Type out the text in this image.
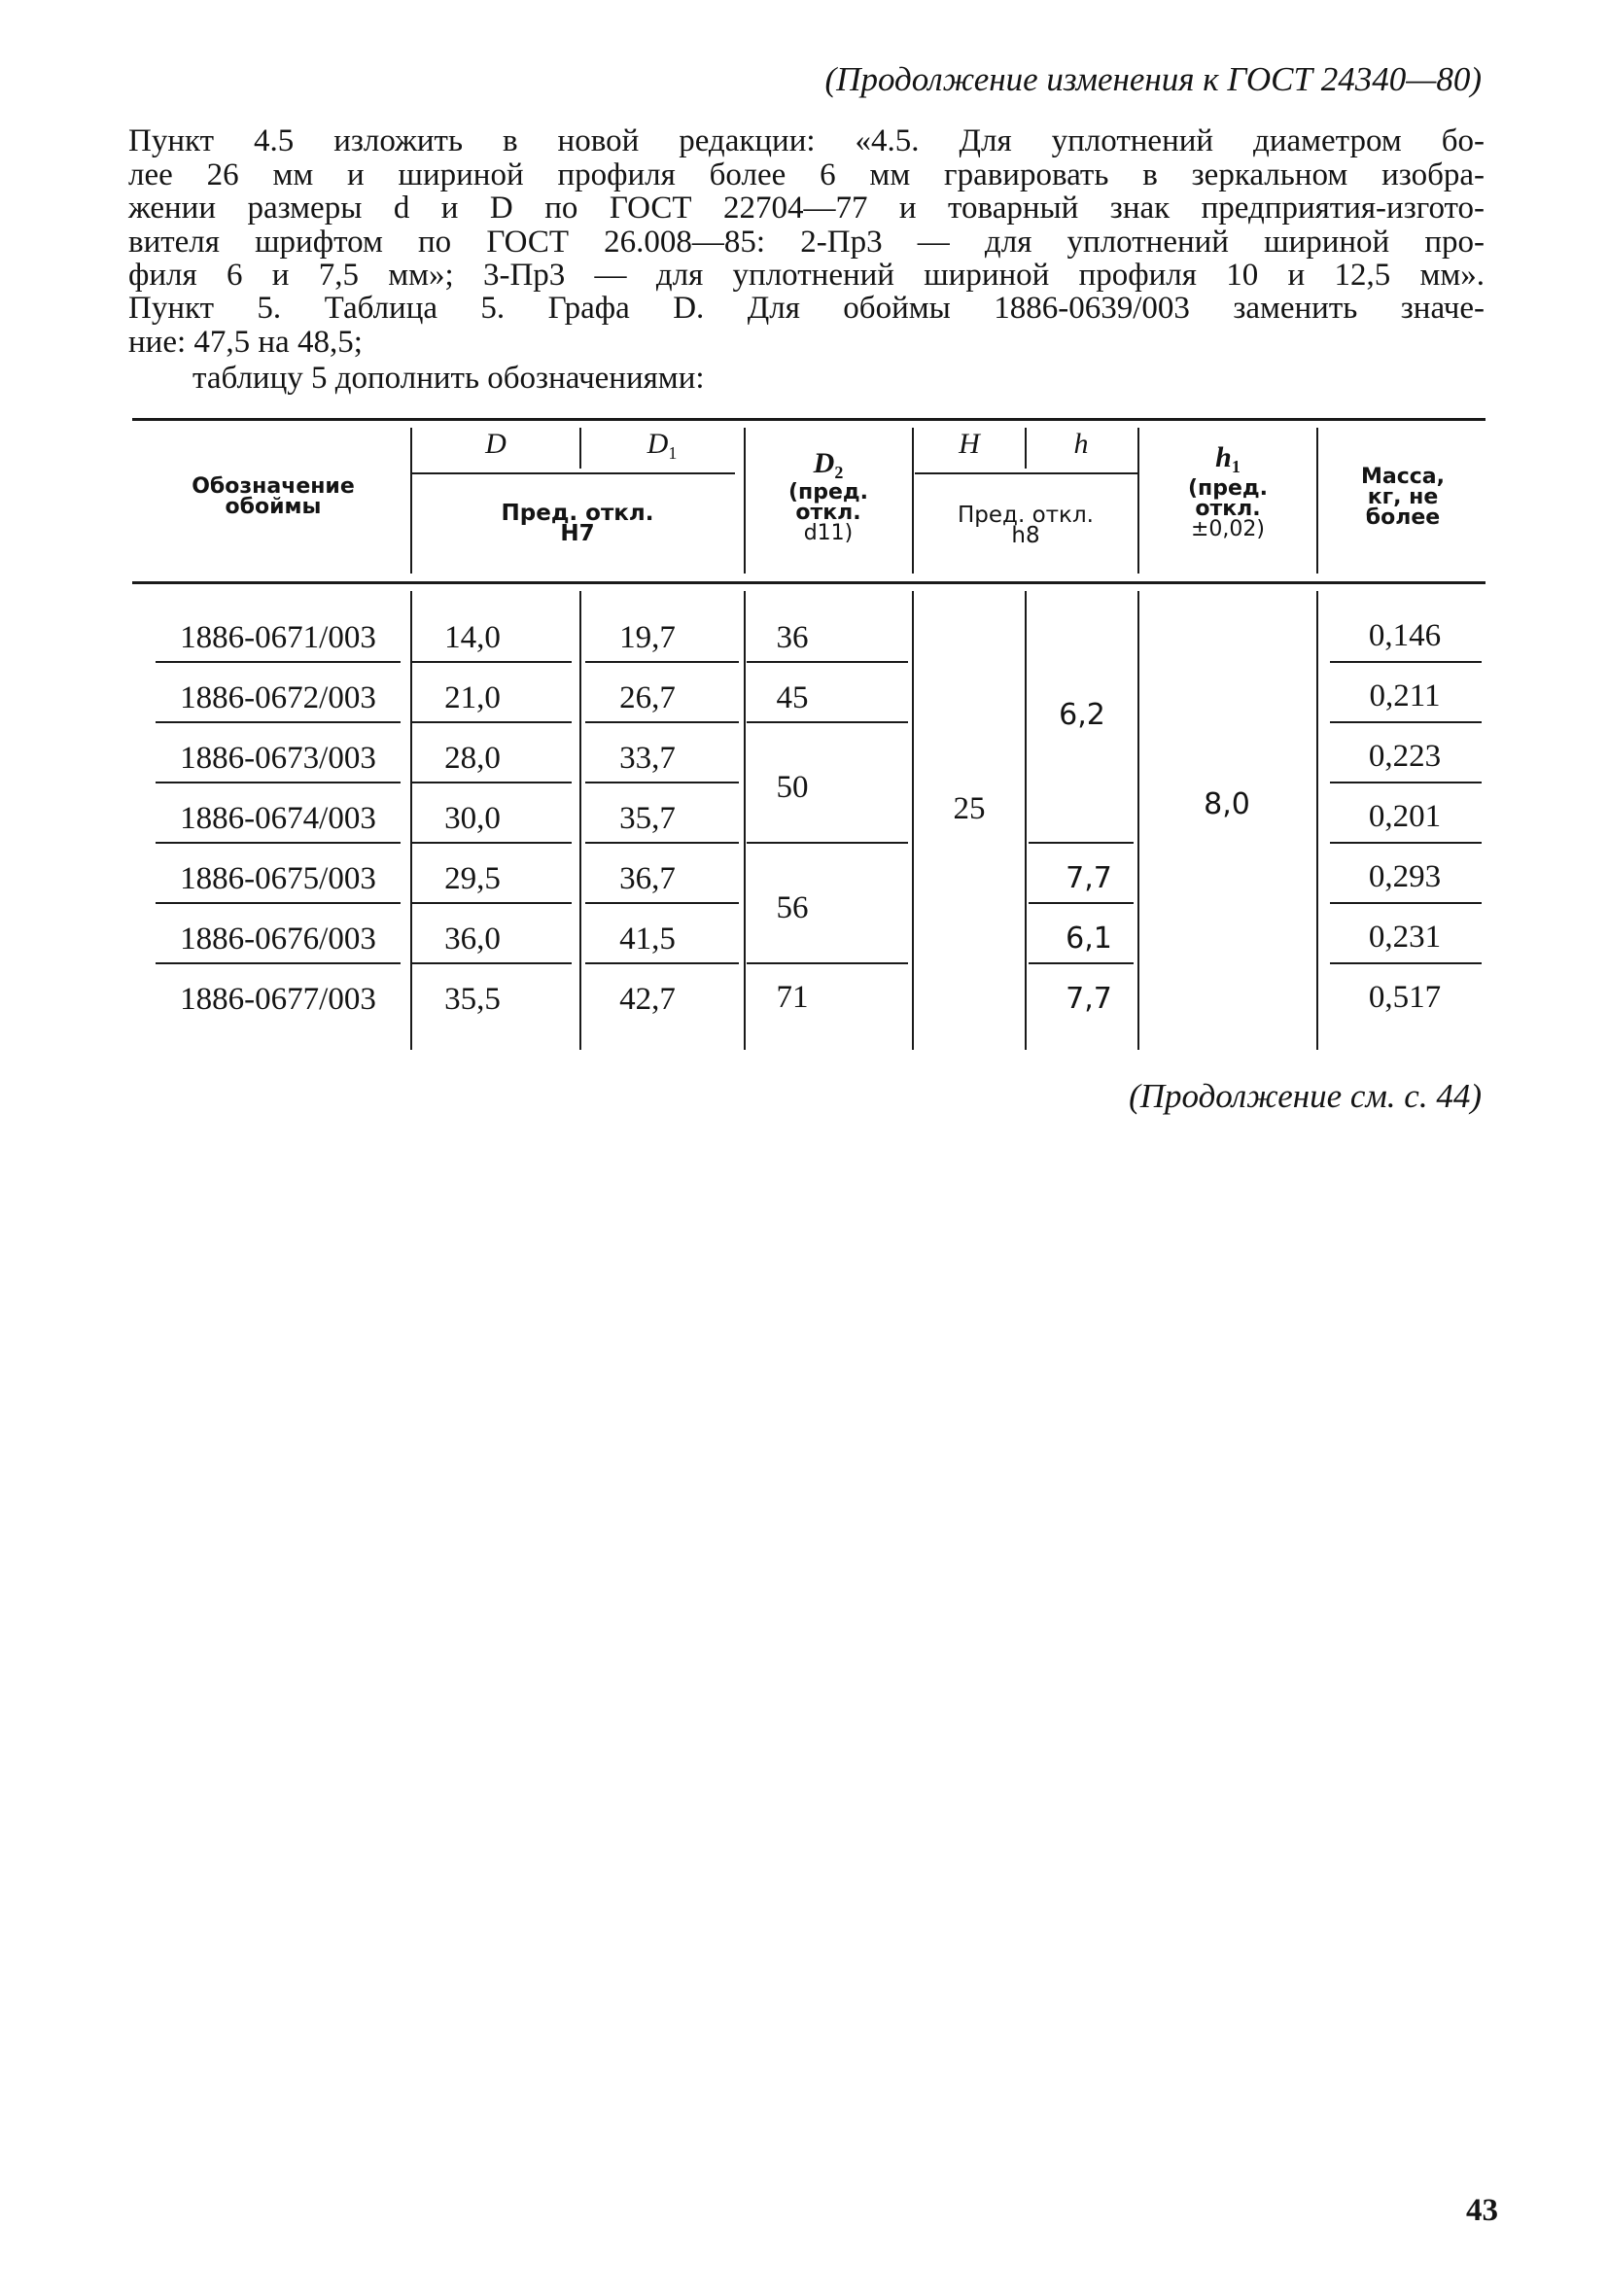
(Продолжение изменения к ГОСТ 24340—80)
Пункт 4.5 изложить в новой редакции: «4.5. Для уплотнений диаметром бо-
лее 26 мм и шириной профиля более 6 мм гравировать в зеркальном изобра-
жении размеры d и D по ГОСТ 22704—77 и товарный знак предприятия-изгото-
вителя шрифтом по ГОСТ 26.008—85: 2-Пр3 — для уплотнений шириной про-
филя 6 и 7,5 мм»; 3-Пр3 — для уплотнений шириной профиля 10 и 12,5 мм».
Пункт 5. Таблица 5. Графа D. Для обоймы 1886-0639/003 заменить значе-
ние: 47,5 на 48,5;
таблицу 5 дополнить обозначениями:
Обозначение
обоймы
D	$D_1$
Пред. откл.
H7
$D_2$
(пред.
откл.
d11)
H	h
Пред. откл.
h8
$h_1$
(пред.
откл.
±0,02)
Масса,
кг, не
более
1886-0671/003
1886-0672/003
1886-0673/003
1886-0674/003
1886-0675/003
1886-0676/003
1886-0677/003
14,0
21,0
28,0
30,0
29,5
36,0
35,5
19,7
26,7
33,7
35,7
36,7
41,5
42,7
36
45
50
56
71
25
6,2
7,7
6,1
7,7
8,0
0,146
0,211
0,223
0,201
0,293
0,231
0,517
(Продолжение см. с. 44)
43
